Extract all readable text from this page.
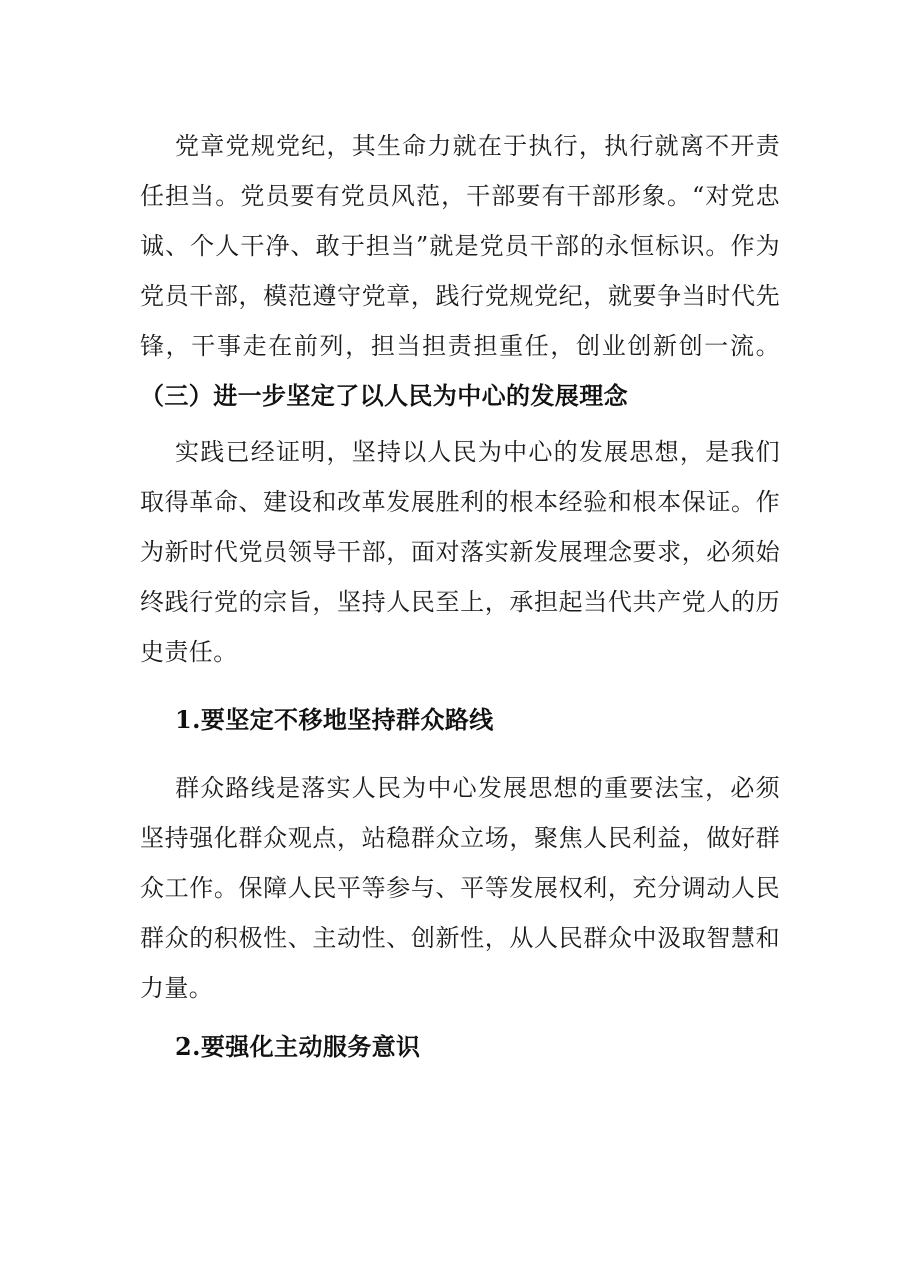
党章党规党纪，其生命力就在于执行，执行就离不开责任担当。党员要有党员风范，干部要有干部形象。“对党忠诚、个人干净、敢于担当”就是党员干部的永恒标识。作为党员干部，模范遵守党章，践行党规党纪，就要争当时代先锋，干事走在前列，担当担责担重任，创业创新创一流。（三）进一步坚定了以人民为中心的发展理念

实践已经证明，坚持以人民为中心的发展思想，是我们取得革命、建设和改革发展胜利的根本经验和根本保证。作为新时代党员领导干部，面对落实新发展理念要求，必须始终践行党的宗旨，坚持人民至上，承担起当代共产党人的历史责任。

1.要坚定不移地坚持群众路线

群众路线是落实人民为中心发展思想的重要法宝，必须坚持强化群众观点，站稳群众立场，聚焦人民利益，做好群众工作。保障人民平等参与、平等发展权利，充分调动人民群众的积极性、主动性、创新性，从人民群众中汲取智慧和力量。

2.要强化主动服务意识
